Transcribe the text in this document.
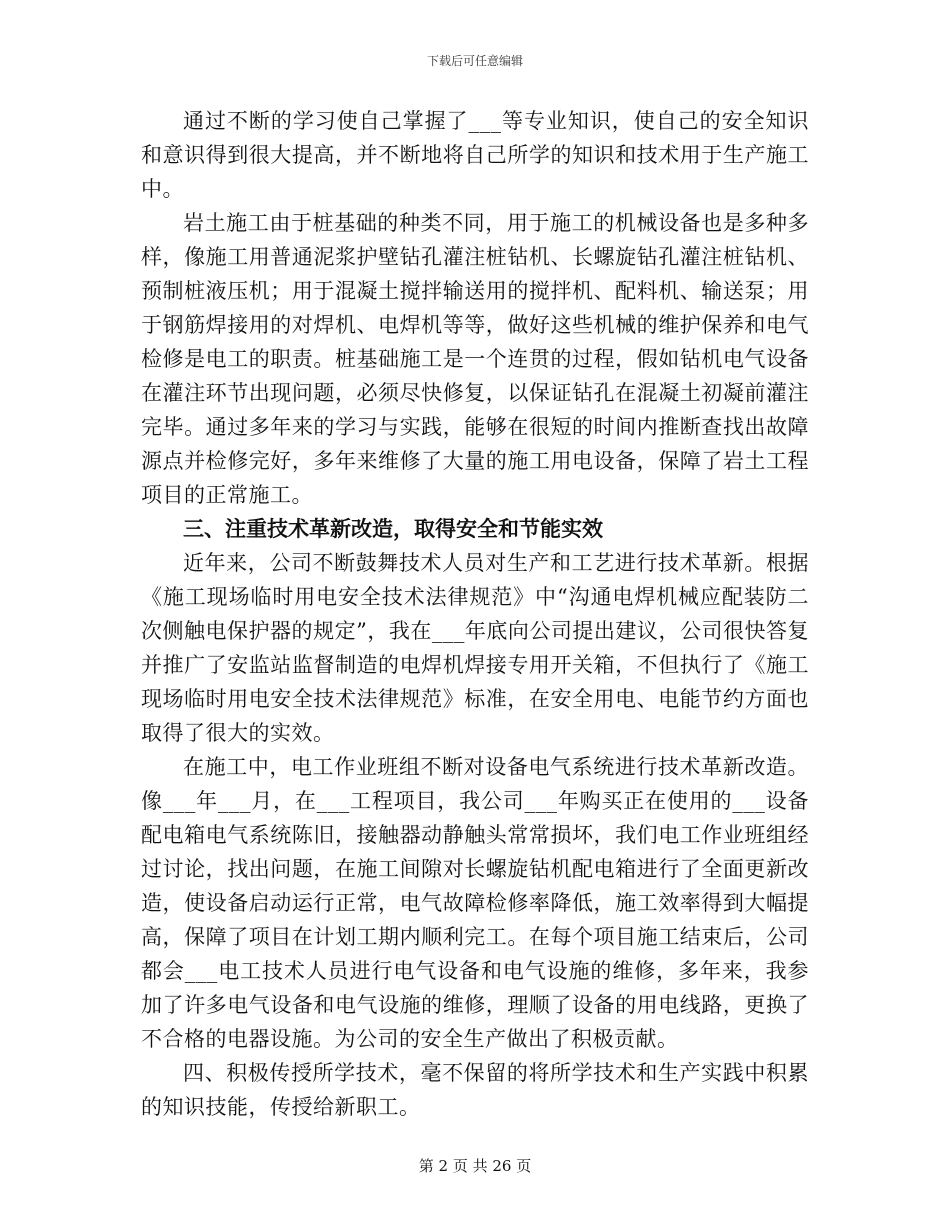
下载后可任意编辑

通过不断的学习使自己掌握了___等专业知识，使自己的安全知识和意识得到很大提高，并不断地将自己所学的知识和技术用于生产施工中。

岩土施工由于桩基础的种类不同，用于施工的机械设备也是多种多样，像施工用普通泥浆护壁钻孔灌注桩钻机、长螺旋钻孔灌注桩钻机、预制桩液压机；用于混凝土搅拌输送用的搅拌机、配料机、输送泵；用于钢筋焊接用的对焊机、电焊机等等，做好这些机械的维护保养和电气检修是电工的职责。桩基础施工是一个连贯的过程，假如钻机电气设备在灌注环节出现问题，必须尽快修复，以保证钻孔在混凝土初凝前灌注完毕。通过多年来的学习与实践，能够在很短的时间内推断查找出故障源点并检修完好，多年来维修了大量的施工用电设备，保障了岩土工程项目的正常施工。

三、注重技术革新改造，取得安全和节能实效

近年来，公司不断鼓舞技术人员对生产和工艺进行技术革新。根据《施工现场临时用电安全技术法律规范》中“沟通电焊机械应配装防二次侧触电保护器的规定”，我在___年底向公司提出建议，公司很快答复并推广了安监站监督制造的电焊机焊接专用开关箱，不但执行了《施工现场临时用电安全技术法律规范》标准，在安全用电、电能节约方面也取得了很大的实效。

在施工中，电工作业班组不断对设备电气系统进行技术革新改造。像___年___月，在___工程项目，我公司___年购买正在使用的___设备配电箱电气系统陈旧，接触器动静触头常常损坏，我们电工作业班组经过讨论，找出问题，在施工间隙对长螺旋钻机配电箱进行了全面更新改造，使设备启动运行正常，电气故障检修率降低，施工效率得到大幅提高，保障了项目在计划工期内顺利完工。在每个项目施工结束后，公司都会___电工技术人员进行电气设备和电气设施的维修，多年来，我参加了许多电气设备和电气设施的维修，理顺了设备的用电线路，更换了不合格的电器设施。为公司的安全生产做出了积极贡献。

四、积极传授所学技术，毫不保留的将所学技术和生产实践中积累的知识技能，传授给新职工。

第 2 页 共 26 页
